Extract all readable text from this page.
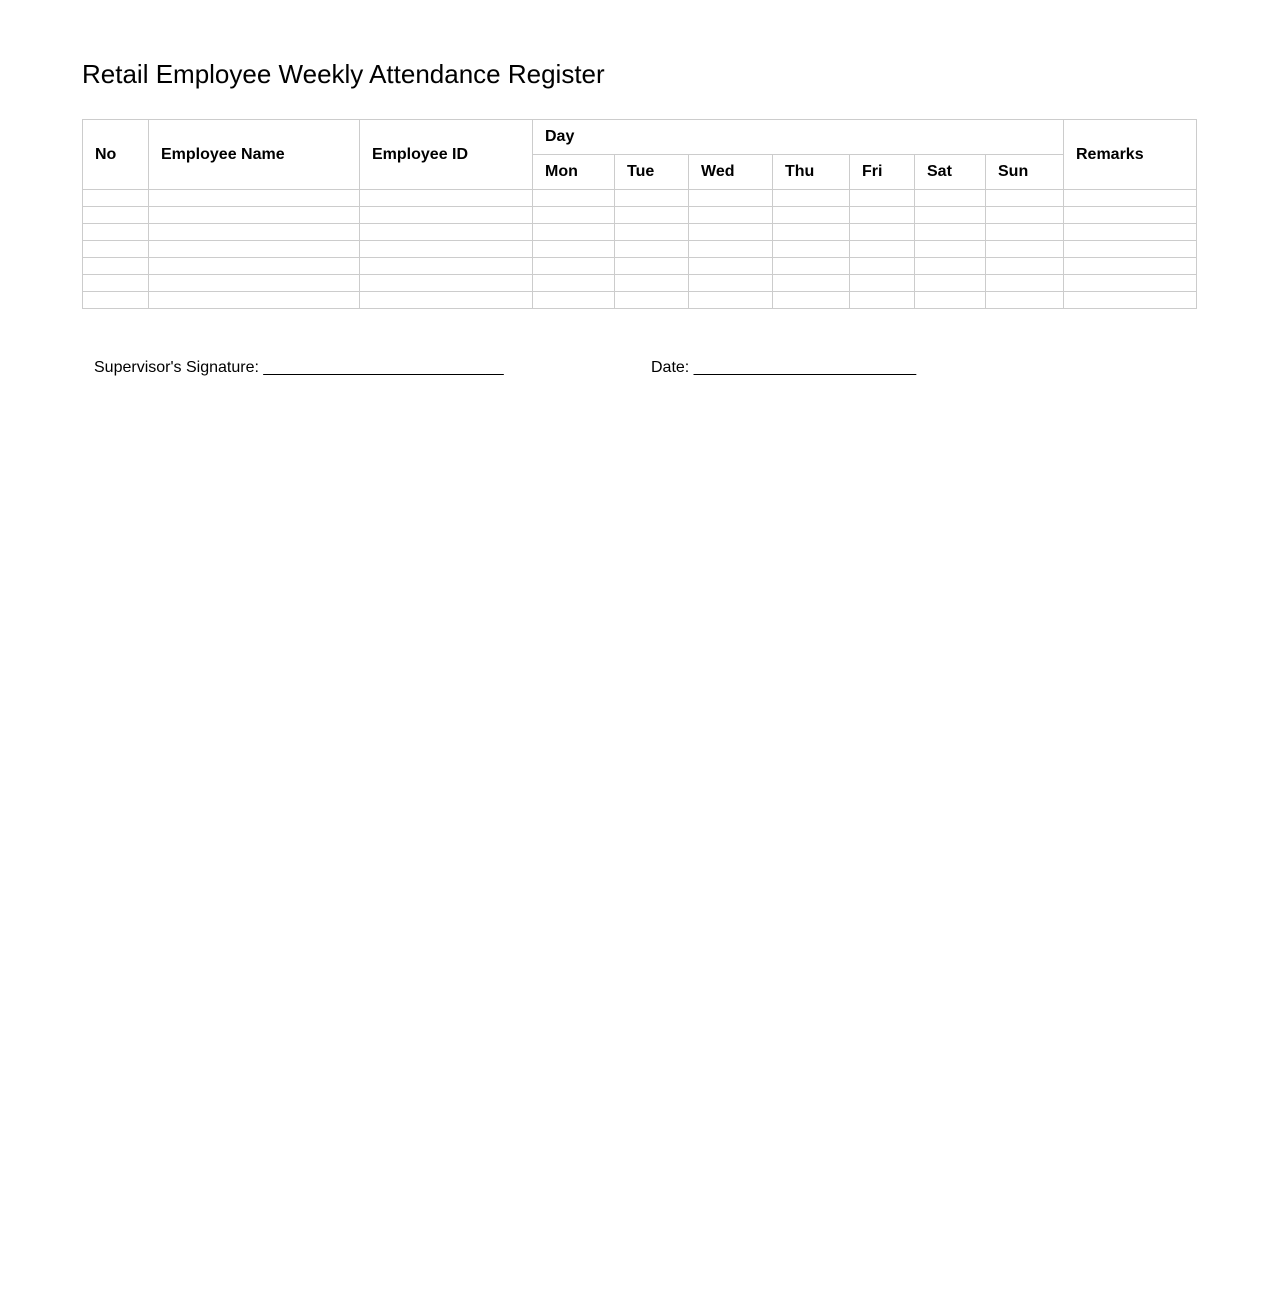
Retail Employee Weekly Attendance Register
No	Employee Name	Employee ID	Day							Remarks
			Mon	Tue	Wed	Thu	Fri	Sat	Sun	

Supervisor's Signature: ___________________________	Date: _________________________
